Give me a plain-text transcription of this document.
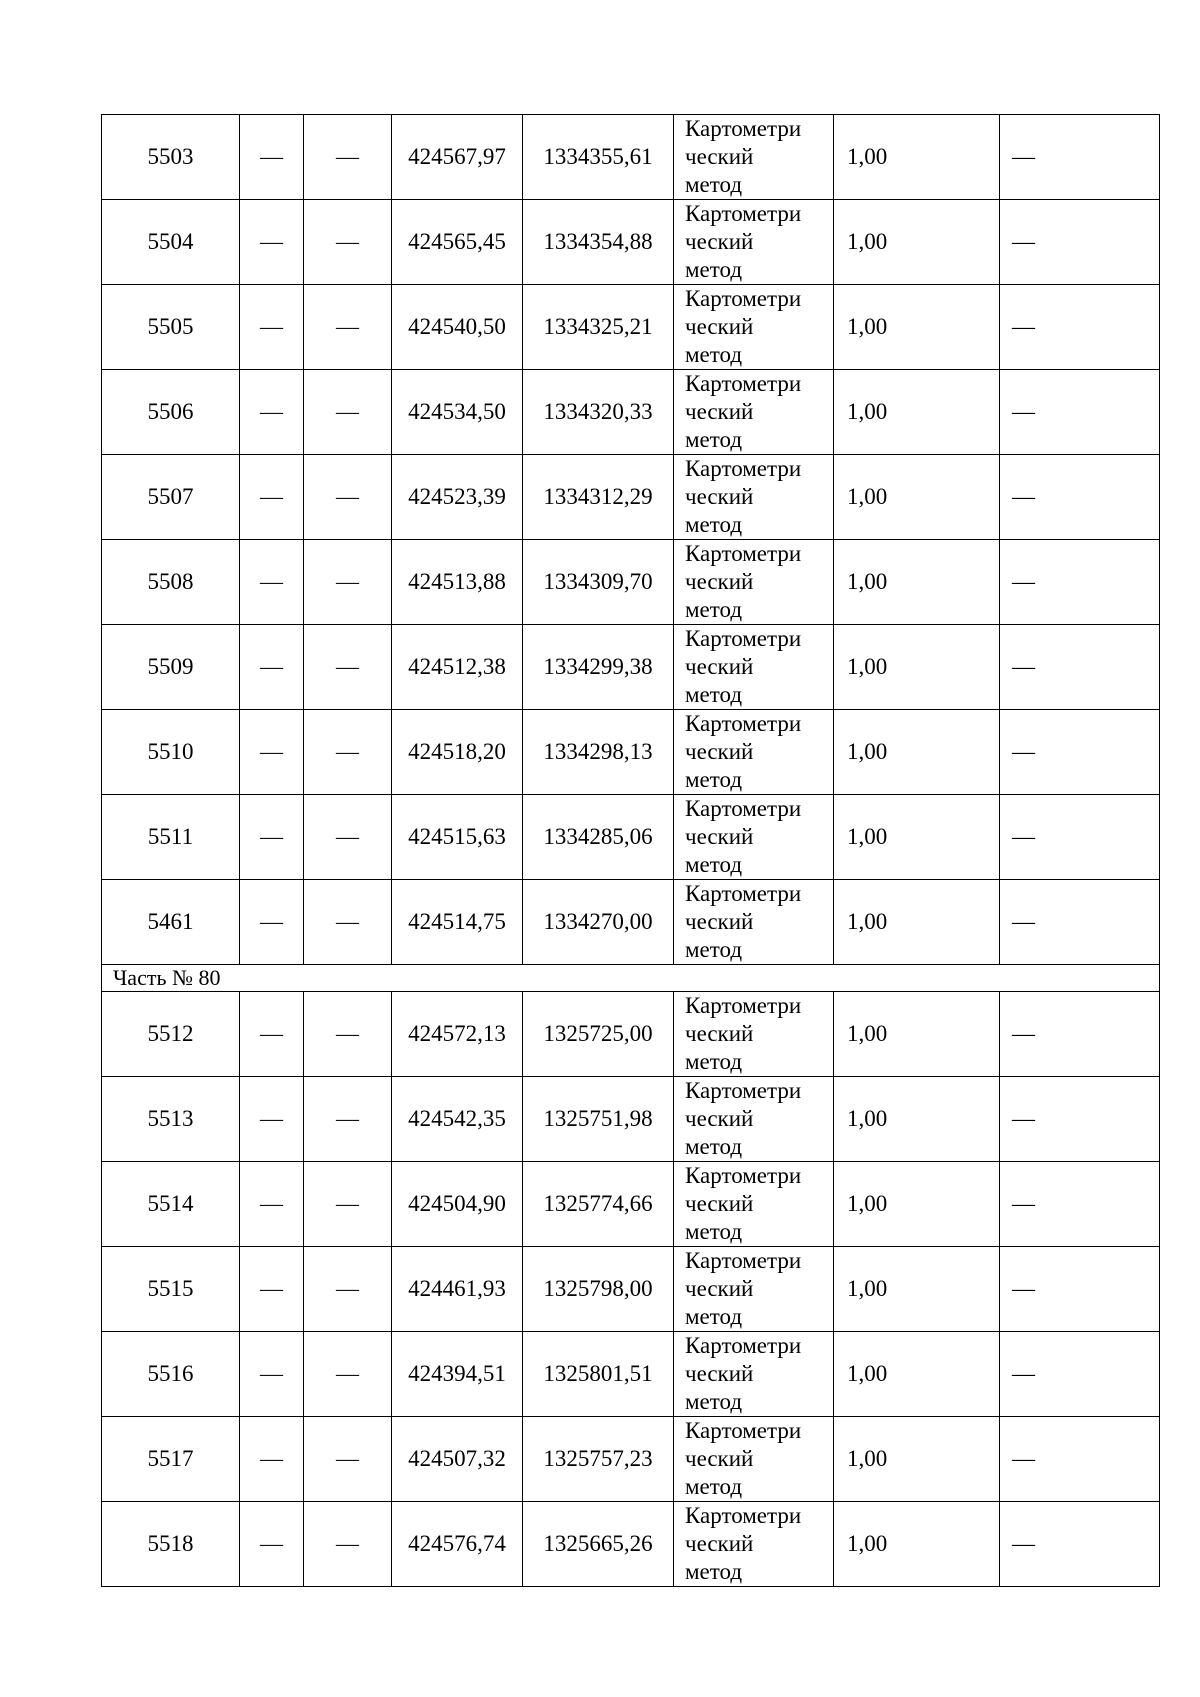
5503	—	—	424567,97	1334355,61	Картометри
ческий
метод	1,00	—
5504	—	—	424565,45	1334354,88	Картометри
ческий
метод	1,00	—
5505	—	—	424540,50	1334325,21	Картометри
ческий
метод	1,00	—
5506	—	—	424534,50	1334320,33	Картометри
ческий
метод	1,00	—
5507	—	—	424523,39	1334312,29	Картометри
ческий
метод	1,00	—
5508	—	—	424513,88	1334309,70	Картометри
ческий
метод	1,00	—
5509	—	—	424512,38	1334299,38	Картометри
ческий
метод	1,00	—
5510	—	—	424518,20	1334298,13	Картометри
ческий
метод	1,00	—
5511	—	—	424515,63	1334285,06	Картометри
ческий
метод	1,00	—
5461	—	—	424514,75	1334270,00	Картометри
ческий
метод	1,00	—
Часть № 80							
5512	—	—	424572,13	1325725,00	Картометри
ческий
метод	1,00	—
5513	—	—	424542,35	1325751,98	Картометри
ческий
метод	1,00	—
5514	—	—	424504,90	1325774,66	Картометри
ческий
метод	1,00	—
5515	—	—	424461,93	1325798,00	Картометри
ческий
метод	1,00	—
5516	—	—	424394,51	1325801,51	Картометри
ческий
метод	1,00	—
5517	—	—	424507,32	1325757,23	Картометри
ческий
метод	1,00	—
5518	—	—	424576,74	1325665,26	Картометри
ческий
метод	1,00	—
